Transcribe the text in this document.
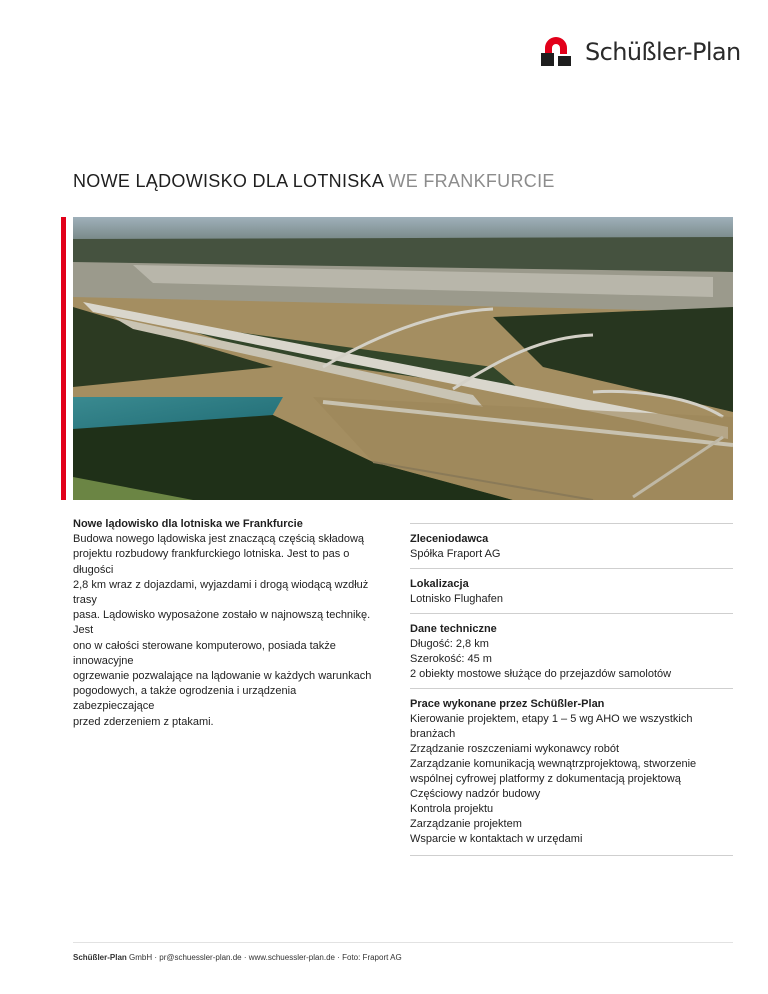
Schüßler-Plan
NOWE LĄDOWISKO DLA LOTNISKA WE FRANKFURCIE
Nowe lądowisko dla lotniska we Frankfurcie
Budowa nowego lądowiska jest znaczącą częścią składową
projektu rozbudowy frankfurckiego lotniska. Jest to pas o długości
2,8 km wraz z dojazdami, wyjazdami i drogą wiodącą wzdłuż trasy
pasa. Lądowisko wyposażone zostało w najnowszą technikę. Jest
ono w całości sterowane komputerowo, posiada także innowacyjne
ogrzewanie pozwalające na lądowanie w każdych warunkach
pogodowych, a także ogrodzenia i urządzenia zabezpieczające
przed zderzeniem z ptakami.
Zleceniodawca
Spółka Fraport AG
Lokalizacja
Lotnisko Flughafen
Dane techniczne
Długość: 2,8 km
Szerokość: 45 m
2 obiekty mostowe służące do przejazdów samolotów
Prace wykonane przez Schüßler-Plan
Kierowanie projektem, etapy 1 – 5 wg AHO we wszystkich branżach
Zrządzanie roszczeniami wykonawcy robót
Zarządzanie komunikacją wewnątrzprojektową, stworzenie
wspólnej cyfrowej platformy z dokumentacją projektową
Częściowy nadzór budowy
Kontrola projektu
Zarządzanie projektem
Wsparcie w kontaktach w urzędami
Schüßler-Plan GmbH · pr@schuessler-plan.de · www.schuessler-plan.de · Foto: Fraport AG
